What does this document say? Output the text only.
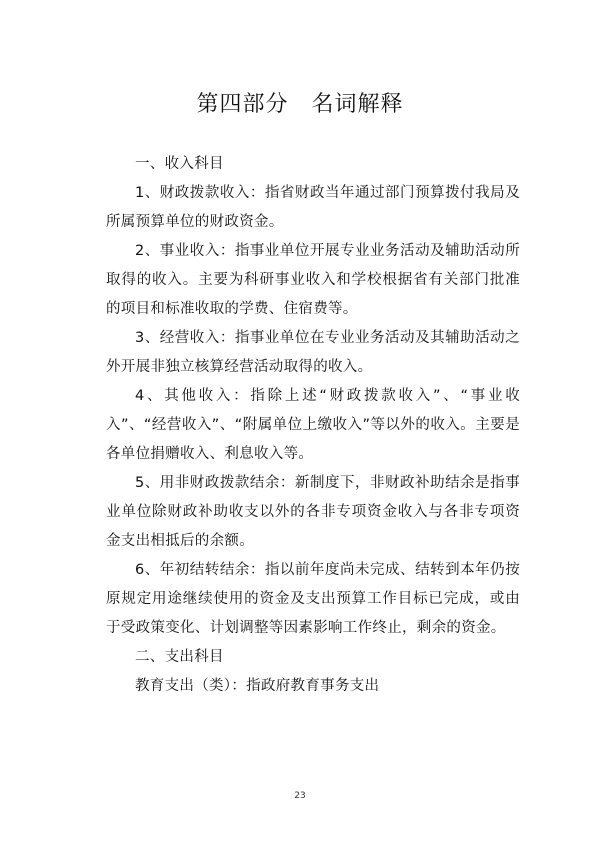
第四部分　名词解释
一、收入科目

1、财政拨款收入：指省财政当年通过部门预算拨付我局及所属预算单位的财政资金。

2、事业收入：指事业单位开展专业业务活动及辅助活动所取得的收入。主要为科研事业收入和学校根据省有关部门批准的项目和标准收取的学费、住宿费等。

3、经营收入：指事业单位在专业业务活动及其辅助活动之外开展非独立核算经营活动取得的收入。

4、其他收入：指除上述“财政拨款收入”、“事业收入”、“经营收入”、“附属单位上缴收入”等以外的收入。主要是各单位捐赠收入、利息收入等。

5、用非财政拨款结余：新制度下，非财政补助结余是指事 业单位除财政补助收支以外的各非专项资金收入与各非专项资金支出相抵后的余额。

6、年初结转结余：指以前年度尚未完成、结转到本年仍按原规定用途继续使用的资金及支出预算工作目标已完成，或由于受政策变化、计划调整等因素影响工作终止，剩余的资金。

二、支出科目

教育支出（类）：指政府教育事务支出

23
